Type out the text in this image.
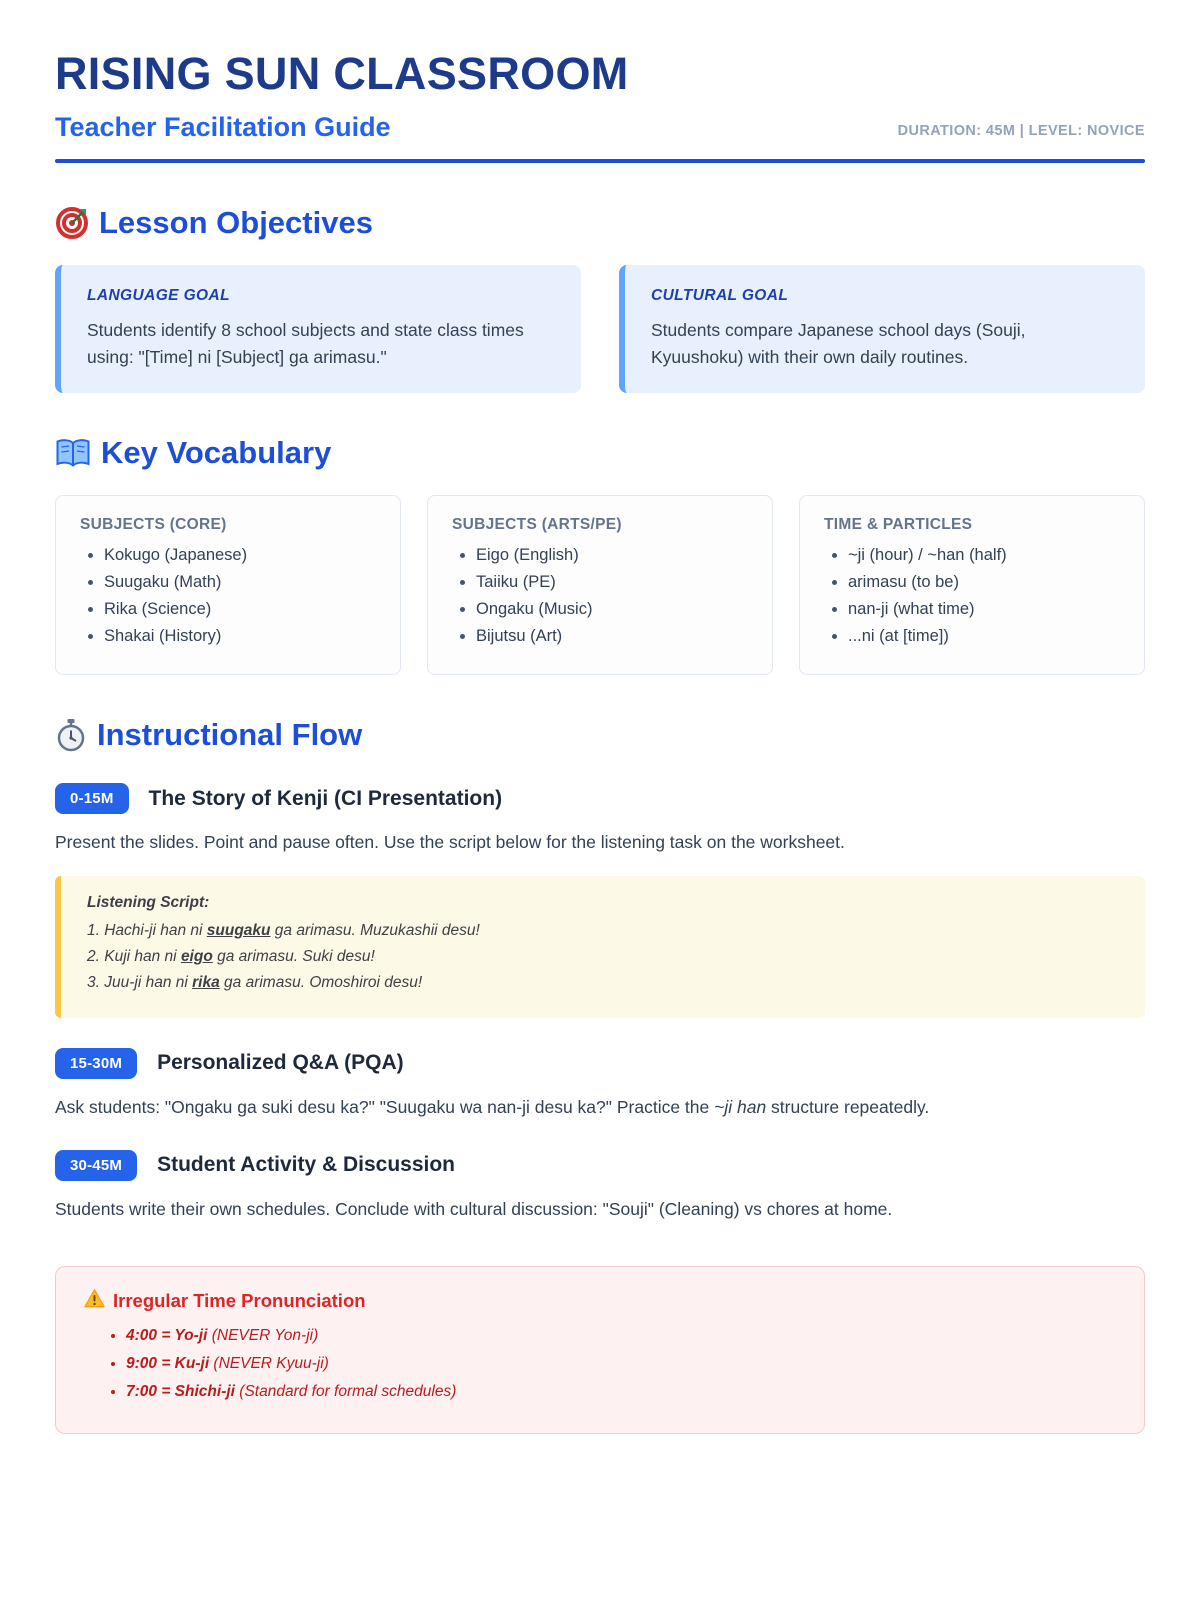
RISING SUN CLASSROOM
Teacher Facilitation Guide	DURATION: 45M | LEVEL: NOVICE
Lesson Objectives
LANGUAGE GOAL
Students identify 8 school subjects and state class times using: "[Time] ni [Subject] ga arimasu."
CULTURAL GOAL
Students compare Japanese school days (Souji, Kyuushoku) with their own daily routines.
Key Vocabulary
SUBJECTS (CORE)
• Kokugo (Japanese)
• Suugaku (Math)
• Rika (Science)
• Shakai (History)
SUBJECTS (ARTS/PE)
• Eigo (English)
• Taiiku (PE)
• Ongaku (Music)
• Bijutsu (Art)
TIME & PARTICLES
• ~ji (hour) / ~han (half)
• arimasu (to be)
• nan-ji (what time)
• ...ni (at [time])
Instructional Flow
0-15M	The Story of Kenji (CI Presentation)

Present the slides. Point and pause often. Use the script below for the listening task on the worksheet.

Listening Script:
1. Hachi-ji han ni suugaku ga arimasu. Muzukashii desu!
2. Kuji han ni eigo ga arimasu. Suki desu!
3. Juu-ji han ni rika ga arimasu. Omoshiroi desu!
15-30M	Personalized Q&A (PQA)

Ask students: "Ongaku ga suki desu ka?" "Suugaku wa nan-ji desu ka?" Practice the ~ji han structure repeatedly.

30-45M	Student Activity & Discussion

Students write their own schedules. Conclude with cultural discussion: "Souji" (Cleaning) vs chores at home.

Irregular Time Pronunciation
• 4:00 = Yo-ji (NEVER Yon-ji)
• 9:00 = Ku-ji (NEVER Kyuu-ji)
• 7:00 = Shichi-ji (Standard for formal schedules)
